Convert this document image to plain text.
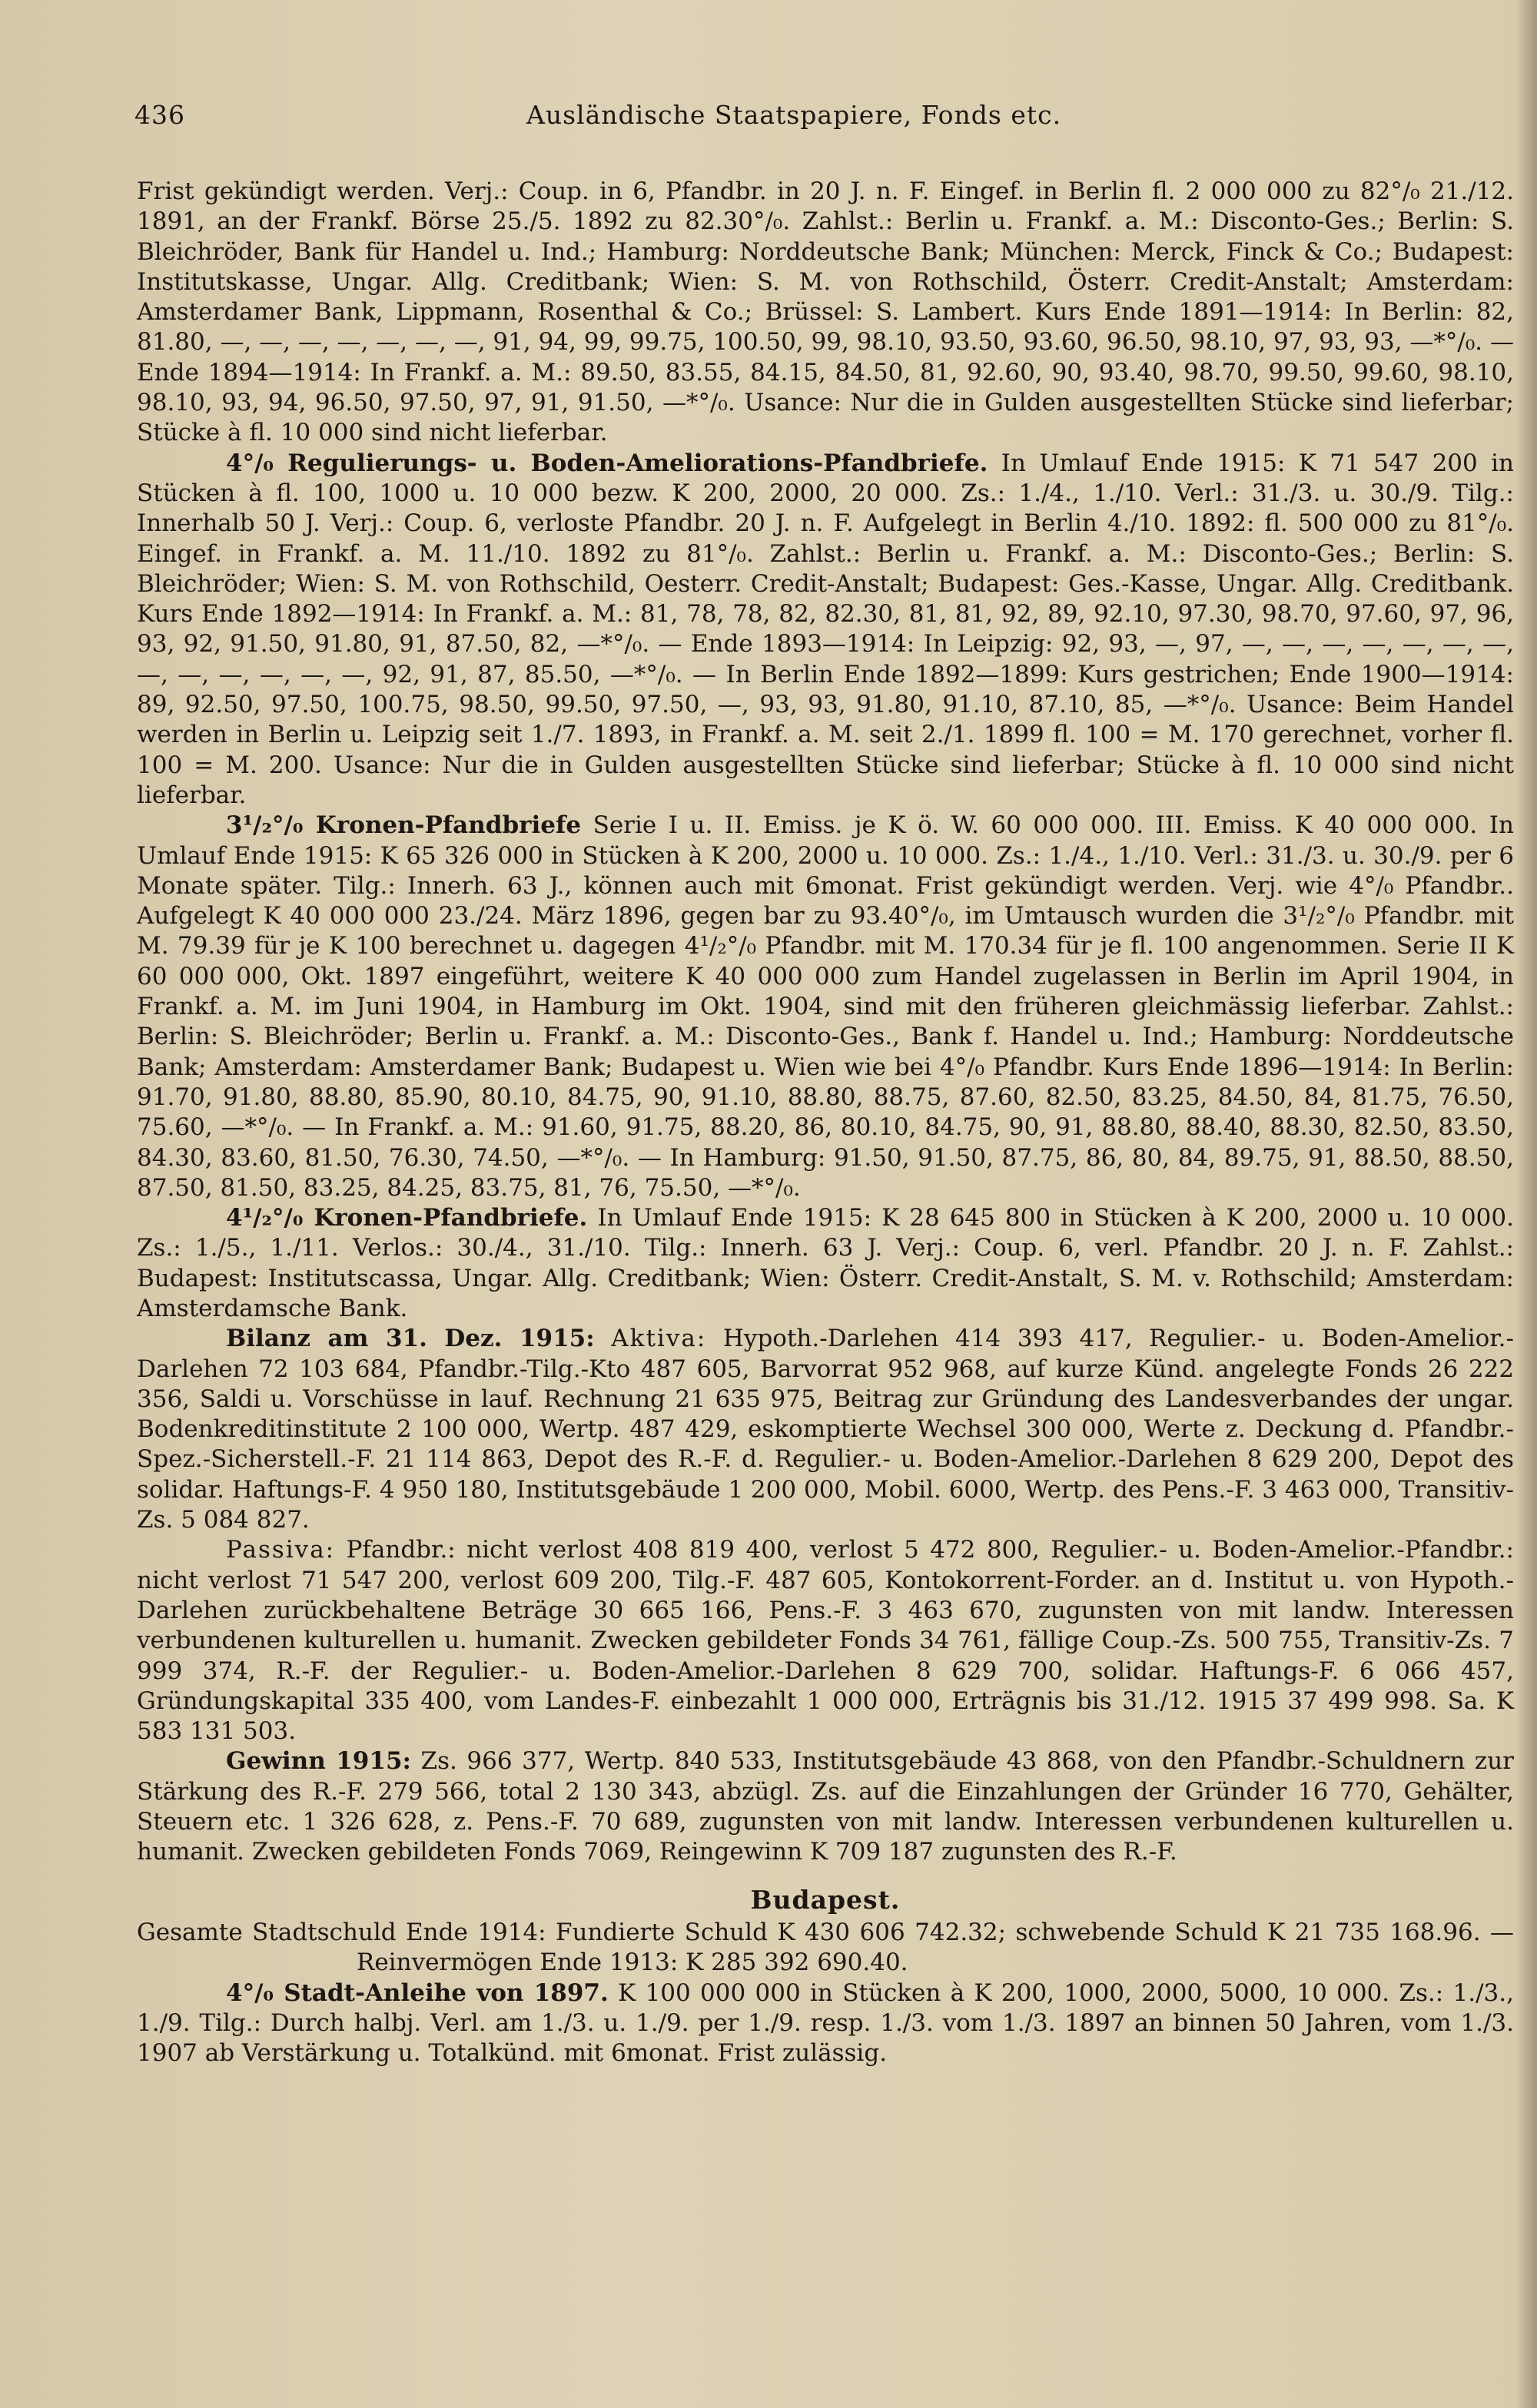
436	Ausländische Staatspapiere, Fonds etc.

Frist gekündigt werden. Verj.: Coup. in 6, Pfandbr. in 20 J. n. F. Eingef. in Berlin fl. 2 000 000 zu 82°/₀ 21./12. 1891, an der Frankf. Börse 25./5. 1892 zu 82.30°/₀. Zahlst.: Berlin u. Frankf. a. M.: Disconto-Ges.; Berlin: S. Bleichröder, Bank für Handel u. Ind.; Hamburg: Norddeutsche Bank; München: Merck, Finck & Co.; Budapest: Institutskasse, Ungar. Allg. Creditbank; Wien: S. M. von Rothschild, Österr. Credit-Anstalt; Amsterdam: Amsterdamer Bank, Lippmann, Rosenthal & Co.; Brüssel: S. Lambert. Kurs Ende 1891—1914: In Berlin: 82, 81.80, —, —, —, —, —, —, —, 91, 94, 99, 99.75, 100.50, 99, 98.10, 93.50, 93.60, 96.50, 98.10, 97, 93, 93, —*°/₀. — Ende 1894—1914: In Frankf. a. M.: 89.50, 83.55, 84.15, 84.50, 81, 92.60, 90, 93.40, 98.70, 99.50, 99.60, 98.10, 98.10, 93, 94, 96.50, 97.50, 97, 91, 91.50, —*°/₀. Usance: Nur die in Gulden ausgestellten Stücke sind lieferbar; Stücke à fl. 10 000 sind nicht lieferbar.

4°/₀ Regulierungs- u. Boden-Ameliorations-Pfandbriefe. In Umlauf Ende 1915: K 71 547 200 in Stücken à fl. 100, 1000 u. 10 000 bezw. K 200, 2000, 20 000. Zs.: 1./4., 1./10. Verl.: 31./3. u. 30./9. Tilg.: Innerhalb 50 J. Verj.: Coup. 6, verloste Pfandbr. 20 J. n. F. Aufgelegt in Berlin 4./10. 1892: fl. 500 000 zu 81°/₀. Eingef. in Frankf. a. M. 11./10. 1892 zu 81°/₀. Zahlst.: Berlin u. Frankf. a. M.: Disconto-Ges.; Berlin: S. Bleichröder; Wien: S. M. von Rothschild, Oesterr. Credit-Anstalt; Budapest: Ges.-Kasse, Ungar. Allg. Creditbank. Kurs Ende 1892—1914: In Frankf. a. M.: 81, 78, 78, 82, 82.30, 81, 81, 92, 89, 92.10, 97.30, 98.70, 97.60, 97, 96, 93, 92, 91.50, 91.80, 91, 87.50, 82, —*°/₀. — Ende 1893—1914: In Leipzig: 92, 93, —, 97, —, —, —, —, —, —, —, —, —, —, —, —, —, 92, 91, 87, 85.50, —*°/₀. — In Berlin Ende 1892—1899: Kurs gestrichen; Ende 1900—1914: 89, 92.50, 97.50, 100.75, 98.50, 99.50, 97.50, —, 93, 93, 91.80, 91.10, 87.10, 85, —*°/₀. Usance: Beim Handel werden in Berlin u. Leipzig seit 1./7. 1893, in Frankf. a. M. seit 2./1. 1899 fl. 100 = M. 170 gerechnet, vorher fl. 100 = M. 200. Usance: Nur die in Gulden ausgestellten Stücke sind lieferbar; Stücke à fl. 10 000 sind nicht lieferbar.

3¹/₂°/₀ Kronen-Pfandbriefe Serie I u. II. Emiss. je K ö. W. 60 000 000. III. Emiss. K 40 000 000. In Umlauf Ende 1915: K 65 326 000 in Stücken à K 200, 2000 u. 10 000. Zs.: 1./4., 1./10. Verl.: 31./3. u. 30./9. per 6 Monate später. Tilg.: Innerh. 63 J., können auch mit 6monat. Frist gekündigt werden. Verj. wie 4°/₀ Pfandbr.. Aufgelegt K 40 000 000 23./24. März 1896, gegen bar zu 93.40°/₀, im Umtausch wurden die 3¹/₂°/₀ Pfandbr. mit M. 79.39 für je K 100 berechnet u. dagegen 4¹/₂°/₀ Pfandbr. mit M. 170.34 für je fl. 100 angenommen. Serie II K 60 000 000, Okt. 1897 eingeführt, weitere K 40 000 000 zum Handel zugelassen in Berlin im April 1904, in Frankf. a. M. im Juni 1904, in Hamburg im Okt. 1904, sind mit den früheren gleichmässig lieferbar. Zahlst.: Berlin: S. Bleichröder; Berlin u. Frankf. a. M.: Disconto-Ges., Bank f. Handel u. Ind.; Hamburg: Norddeutsche Bank; Amsterdam: Amsterdamer Bank; Budapest u. Wien wie bei 4°/₀ Pfandbr. Kurs Ende 1896—1914: In Berlin: 91.70, 91.80, 88.80, 85.90, 80.10, 84.75, 90, 91.10, 88.80, 88.75, 87.60, 82.50, 83.25, 84.50, 84, 81.75, 76.50, 75.60, —*°/₀. — In Frankf. a. M.: 91.60, 91.75, 88.20, 86, 80.10, 84.75, 90, 91, 88.80, 88.40, 88.30, 82.50, 83.50, 84.30, 83.60, 81.50, 76.30, 74.50, —*°/₀. — In Hamburg: 91.50, 91.50, 87.75, 86, 80, 84, 89.75, 91, 88.50, 88.50, 87.50, 81.50, 83.25, 84.25, 83.75, 81, 76, 75.50, —*°/₀.

4¹/₂°/₀ Kronen-Pfandbriefe. In Umlauf Ende 1915: K 28 645 800 in Stücken à K 200, 2000 u. 10 000. Zs.: 1./5., 1./11. Verlos.: 30./4., 31./10. Tilg.: Innerh. 63 J. Verj.: Coup. 6, verl. Pfandbr. 20 J. n. F. Zahlst.: Budapest: Institutscassa, Ungar. Allg. Creditbank; Wien: Österr. Credit-Anstalt, S. M. v. Rothschild; Amsterdam: Amsterdamsche Bank.

Bilanz am 31. Dez. 1915: Aktiva: Hypoth.-Darlehen 414 393 417, Regulier.- u. Boden-Amelior.-Darlehen 72 103 684, Pfandbr.-Tilg.-Kto 487 605, Barvorrat 952 968, auf kurze Künd. angelegte Fonds 26 222 356, Saldi u. Vorschüsse in lauf. Rechnung 21 635 975, Beitrag zur Gründung des Landesverbandes der ungar. Bodenkreditinstitute 2 100 000, Wertp. 487 429, eskomptierte Wechsel 300 000, Werte z. Deckung d. Pfandbr.-Spez.-Sicherstell.-F. 21 114 863, Depot des R.-F. d. Regulier.- u. Boden-Amelior.-Darlehen 8 629 200, Depot des solidar. Haftungs-F. 4 950 180, Institutsgebäude 1 200 000, Mobil. 6000, Wertp. des Pens.-F. 3 463 000, Transitiv-Zs. 5 084 827.

Passiva: Pfandbr.: nicht verlost 408 819 400, verlost 5 472 800, Regulier.- u. Boden-Amelior.-Pfandbr.: nicht verlost 71 547 200, verlost 609 200, Tilg.-F. 487 605, Kontokorrent-Forder. an d. Institut u. von Hypoth.-Darlehen zurückbehaltene Beträge 30 665 166, Pens.-F. 3 463 670, zugunsten von mit landw. Interessen verbundenen kulturellen u. humanit. Zwecken gebildeter Fonds 34 761, fällige Coup.-Zs. 500 755, Transitiv-Zs. 7 999 374, R.-F. der Regulier.- u. Boden-Amelior.-Darlehen 8 629 700, solidar. Haftungs-F. 6 066 457, Gründungskapital 335 400, vom Landes-F. einbezahlt 1 000 000, Erträgnis bis 31./12. 1915 37 499 998. Sa. K 583 131 503.

Gewinn 1915: Zs. 966 377, Wertp. 840 533, Institutsgebäude 43 868, von den Pfandbr.-Schuldnern zur Stärkung des R.-F. 279 566, total 2 130 343, abzügl. Zs. auf die Einzahlungen der Gründer 16 770, Gehälter, Steuern etc. 1 326 628, z. Pens.-F. 70 689, zugunsten von mit landw. Interessen verbundenen kulturellen u. humanit. Zwecken gebildeten Fonds 7069, Reingewinn K 709 187 zugunsten des R.-F.

Budapest.

Gesamte Stadtschuld Ende 1914: Fundierte Schuld K 430 606 742.32; schwebende Schuld K 21 735 168.96. — Reinvermögen Ende 1913: K 285 392 690.40.

4°/₀ Stadt-Anleihe von 1897. K 100 000 000 in Stücken à K 200, 1000, 2000, 5000, 10 000. Zs.: 1./3., 1./9. Tilg.: Durch halbj. Verl. am 1./3. u. 1./9. per 1./9. resp. 1./3. vom 1./3. 1897 an binnen 50 Jahren, vom 1./3. 1907 ab Verstärkung u. Totalkünd. mit 6monat. Frist zulässig.
